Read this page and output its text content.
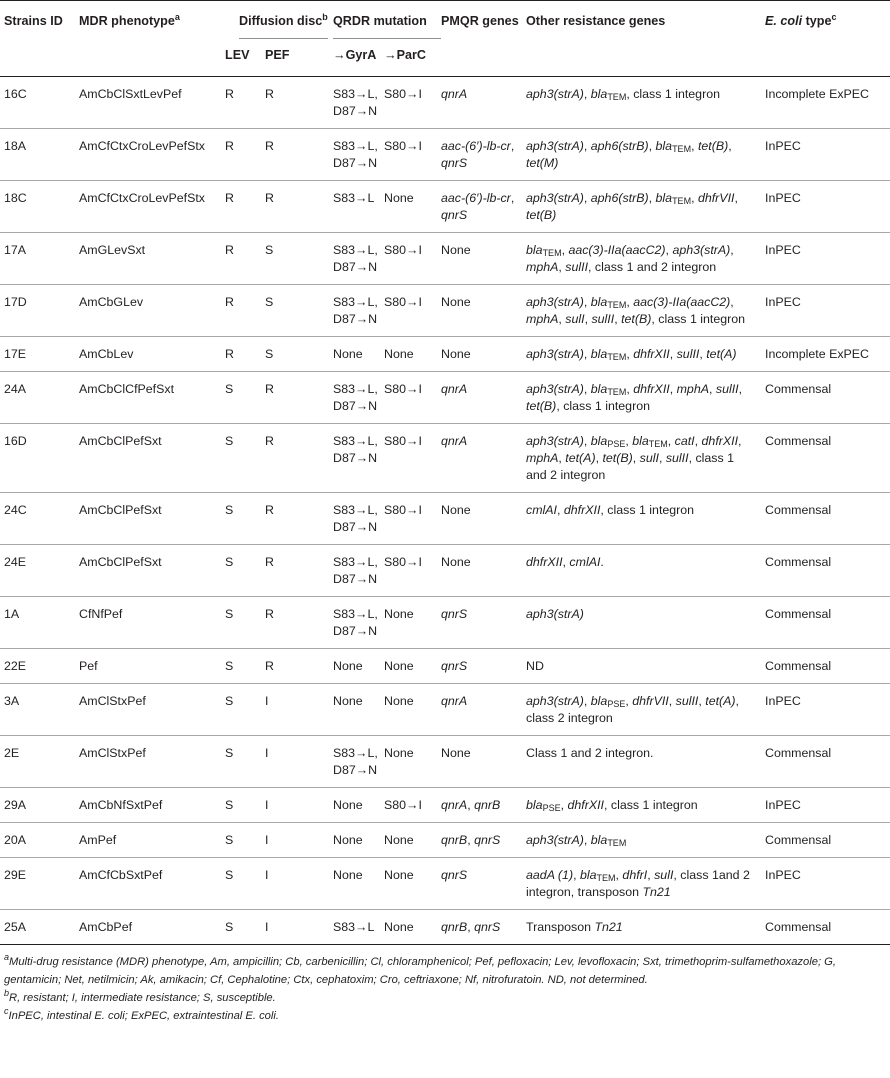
Strains ID	MDR phenotype$^a$	Diffusion disc$^b$		QRDR mutation		PMQR genes	Other resistance genes	E. coli type$^c$
		LEV	PEF	→GyrA	→ParC			
16C	AmCbClSxtLevPef	R	R	S83→L,
D87→N	S80→I	qnrA	aph3(strA), bla$_{TEM}$, class 1 integron	Incomplete ExPEC
18A	AmCfCtxCroLevPefStx	R	R	S83→L,
D87→N	S80→I	aac-(6′)-lb-cr, qnrS	aph3(strA), aph6(strB), bla$_{TEM}$, tet(B), tet(M)	InPEC
18C	AmCfCtxCroLevPefStx	R	R	S83→L	None	aac-(6′)-lb-cr, qnrS	aph3(strA), aph6(strB), bla$_{TEM}$, dhfrVII, tet(B)	InPEC
17A	AmGLevSxt	R	S	S83→L,
D87→N	S80→I	None	bla$_{TEM}$, aac(3)-IIa(aacC2), aph3(strA), mphA, sulII, class 1 and 2 integron	InPEC
17D	AmCbGLev	R	S	S83→L,
D87→N	S80→I	None	aph3(strA), bla$_{TEM}$, aac(3)-IIa(aacC2), mphA, sulI, sulII, tet(B), class 1 integron	InPEC
17E	AmCbLev	R	S	None	None	None	aph3(strA), bla$_{TEM}$, dhfrXII, sulII, tet(A)	Incomplete ExPEC
24A	AmCbClCfPefSxt	S	R	S83→L,
D87→N	S80→I	qnrA	aph3(strA), bla$_{TEM}$, dhfrXII, mphA, sulII, tet(B), class 1 integron	Commensal
16D	AmCbClPefSxt	S	R	S83→L,
D87→N	S80→I	qnrA	aph3(strA), bla$_{PSE}$, bla$_{TEM}$, catI, dhfrXII, mphA, tet(A), tet(B), sulI, sulII, class 1 and 2 integron	Commensal
24C	AmCbClPefSxt	S	R	S83→L,
D87→N	S80→I	None	cmlAI, dhfrXII, class 1 integron	Commensal
24E	AmCbClPefSxt	S	R	S83→L,
D87→N	S80→I	None	dhfrXII, cmlAI.	Commensal
1A	CfNfPef	S	R	S83→L,
D87→N	None	qnrS	aph3(strA)	Commensal
22E	Pef	S	R	None	None	qnrS	ND	Commensal
3A	AmClStxPef	S	I	None	None	qnrA	aph3(strA), bla$_{PSE}$, dhfrVII, sulII, tet(A), class 2 integron	InPEC
2E	AmClStxPef	S	I	S83→L,
D87→N	None	None	Class 1 and 2 integron.	Commensal
29A	AmCbNfSxtPef	S	I	None	S80→I	qnrA, qnrB	bla$_{PSE}$, dhfrXII, class 1 integron	InPEC
20A	AmPef	S	I	None	None	qnrB, qnrS	aph3(strA), bla$_{TEM}$	Commensal
29E	AmCfCbSxtPef	S	I	None	None	qnrS	aadA (1), bla$_{TEM}$, dhfrI, sulI, class 1and 2 integron, transposon Tn21	InPEC
25A	AmCbPef	S	I	S83→L	None	qnrB, qnrS	Transposon Tn21	Commensal

$^a$Multi-drug resistance (MDR) phenotype, Am, ampicillin; Cb, carbenicillin; Cl, chloramphenicol; Pef, pefloxacin; Lev, levofloxacin; Sxt, trimethoprim-sulfamethoxazole; G, gentamicin; Net, netilmicin; Ak, amikacin; Cf, Cephalotine; Ctx, cephatoxim; Cro, ceftriaxone; Nf, nitrofuratoin. ND, not determined.

$^b$R, resistant; I, intermediate resistance; S, susceptible.

$^c$InPEC, intestinal E. coli; ExPEC, extraintestinal E. coli.
